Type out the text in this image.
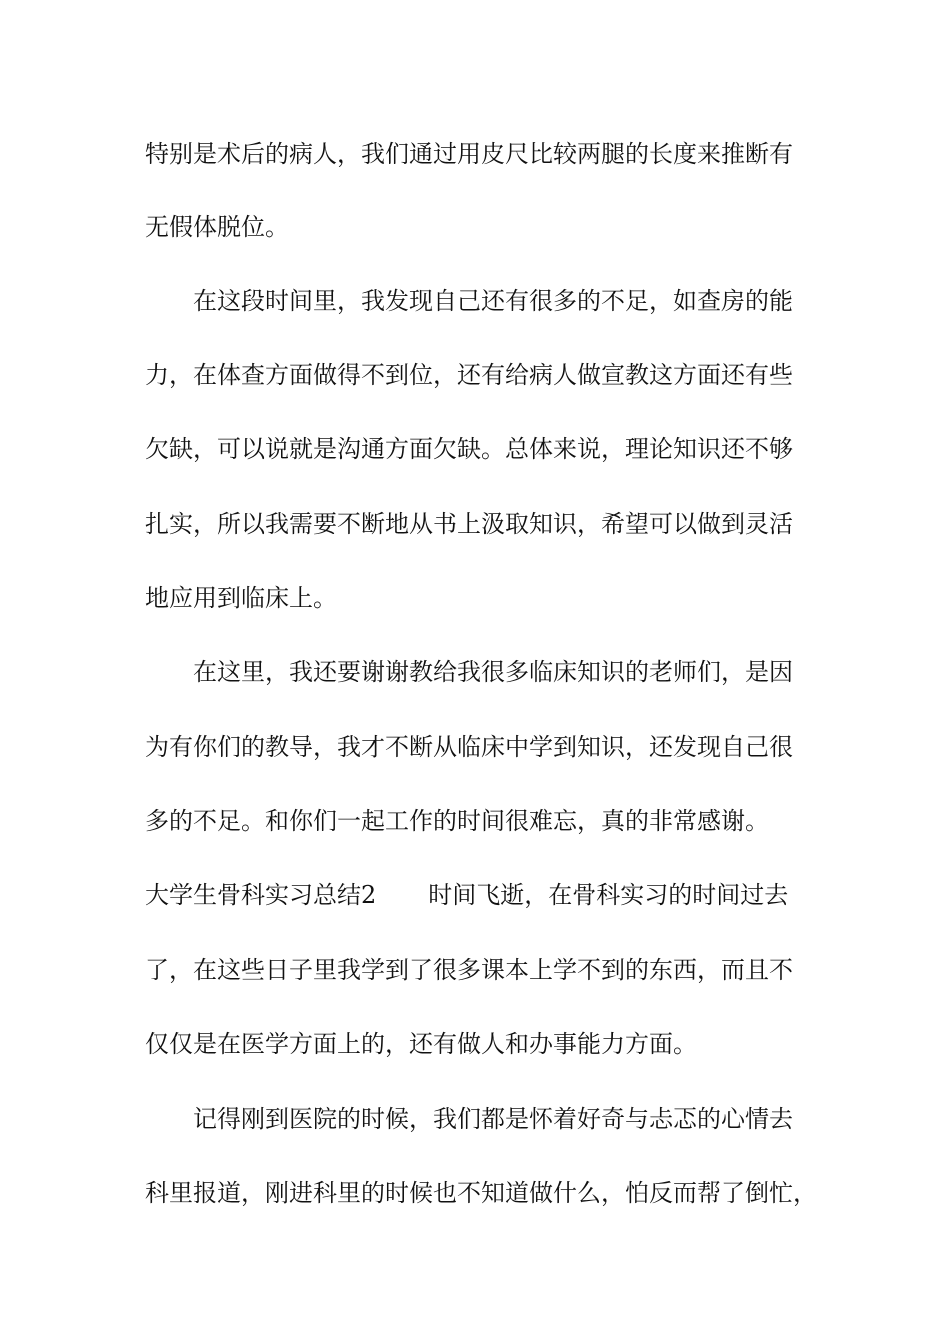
特别是术后的病人，我们通过用皮尺比较两腿的长度来推断有
无假体脱位。
在这段时间里，我发现自己还有很多的不足，如查房的能
力，在体查方面做得不到位，还有给病人做宣教这方面还有些
欠缺，可以说就是沟通方面欠缺。总体来说，理论知识还不够
扎实，所以我需要不断地从书上汲取知识，希望可以做到灵活
地应用到临床上。
在这里，我还要谢谢教给我很多临床知识的老师们，是因
为有你们的教导，我才不断从临床中学到知识，还发现自己很
多的不足。和你们一起工作的时间很难忘，真的非常感谢。
大学生骨科实习总结2 时间飞逝，在骨科实习的时间过去
了，在这些日子里我学到了很多课本上学不到的东西，而且不
仅仅是在医学方面上的，还有做人和办事能力方面。
记得刚到医院的时候，我们都是怀着好奇与忐忑的心情去
科里报道，刚进科里的时候也不知道做什么，怕反而帮了倒忙，
